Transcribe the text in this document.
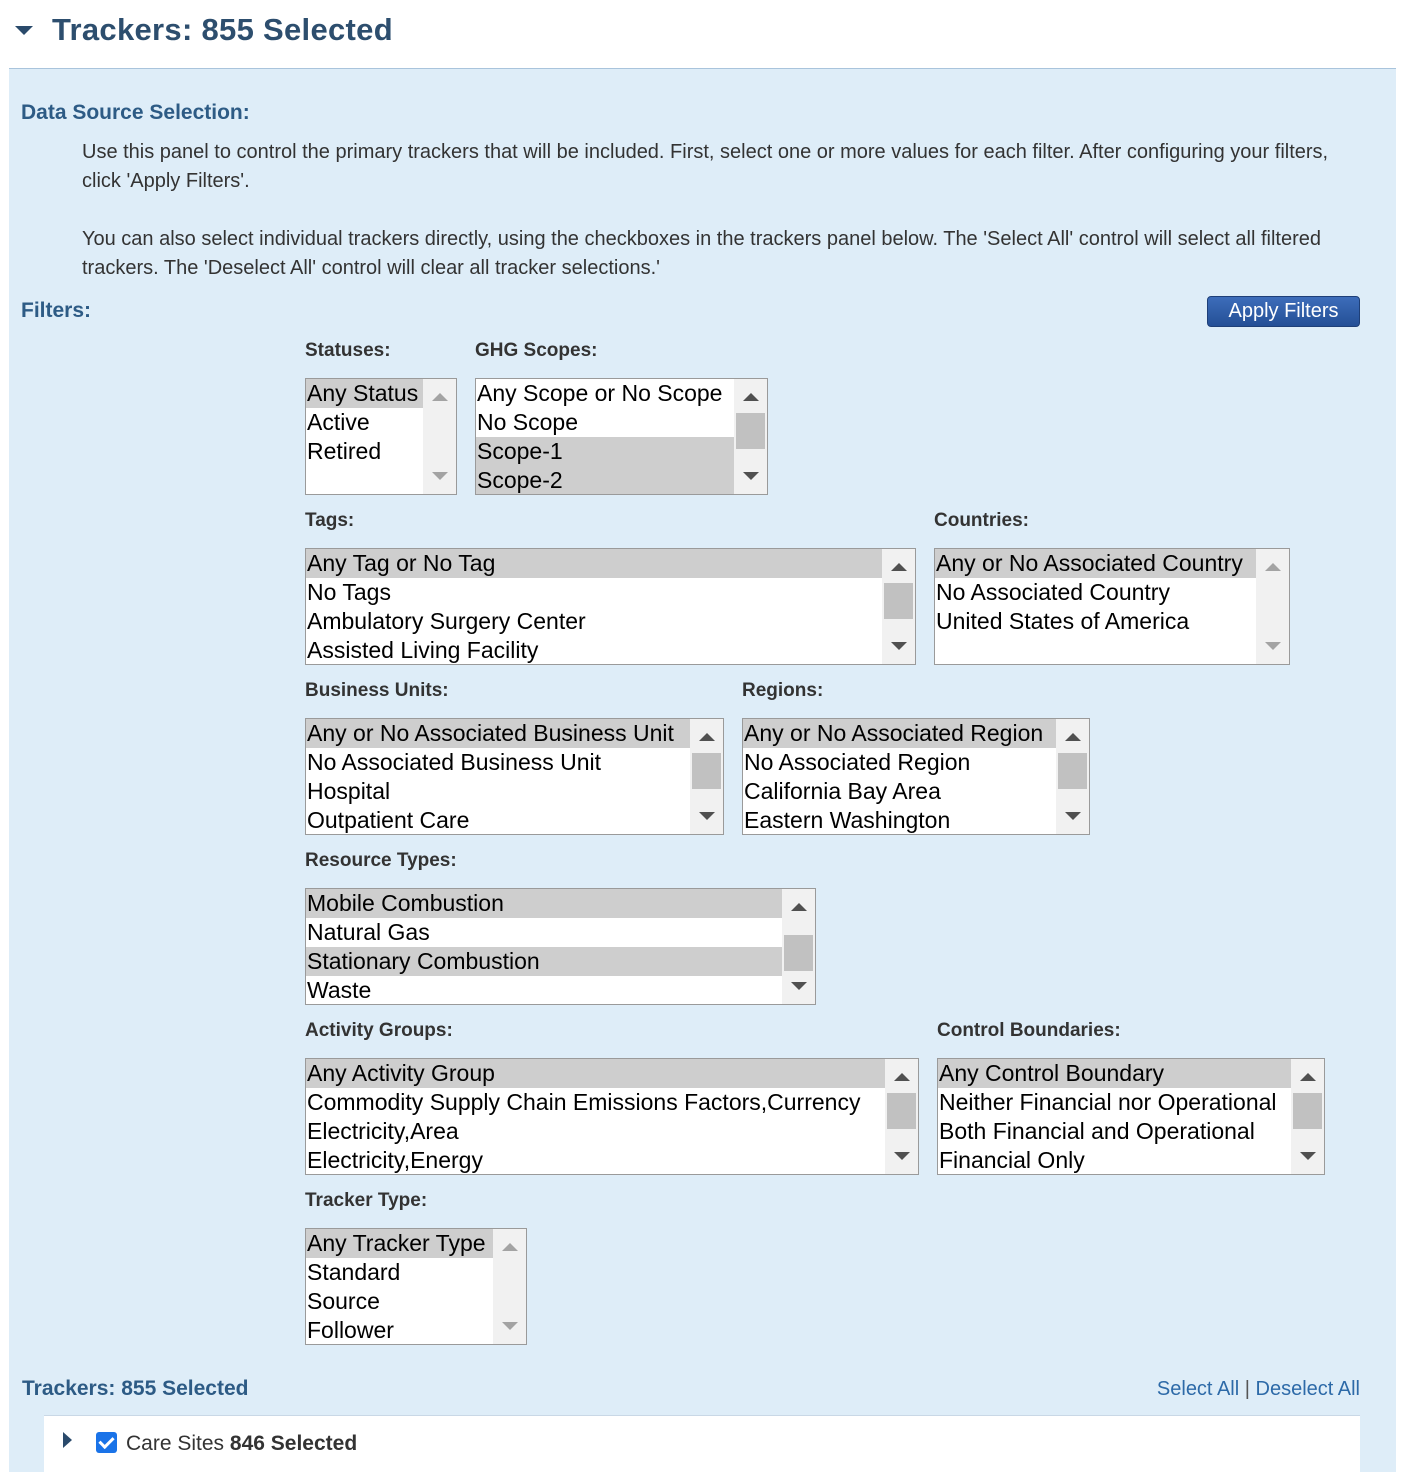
Trackers: 855 Selected
Data Source Selection:
Use this panel to control the primary trackers that will be included. First, select one or more values for each filter. After configuring your filters, click 'Apply Filters'.
You can also select individual trackers directly, using the checkboxes in the trackers panel below. The 'Select All' control will select all filtered trackers. The 'Deselect All' control will clear all tracker selections.'
Filters:	Apply Filters
Statuses:
Any Status
Active
Retired
GHG Scopes:
Any Scope or No Scope
No Scope
Scope-1
Scope-2
Tags:
Any Tag or No Tag
No Tags
Ambulatory Surgery Center
Assisted Living Facility
Countries:
Any or No Associated Country
No Associated Country
United States of America
Business Units:
Any or No Associated Business Unit
No Associated Business Unit
Hospital
Outpatient Care
Regions:
Any or No Associated Region
No Associated Region
California Bay Area
Eastern Washington
Resource Types:
Mobile Combustion
Natural Gas
Stationary Combustion
Waste
Activity Groups:
Any Activity Group
Commodity Supply Chain Emissions Factors,Currency
Electricity,Area
Electricity,Energy
Control Boundaries:
Any Control Boundary
Neither Financial nor Operational
Both Financial and Operational
Financial Only
Tracker Type:
Any Tracker Type
Standard
Source
Follower
Trackers: 855 Selected	Select All | Deselect All
Care Sites 846 Selected
